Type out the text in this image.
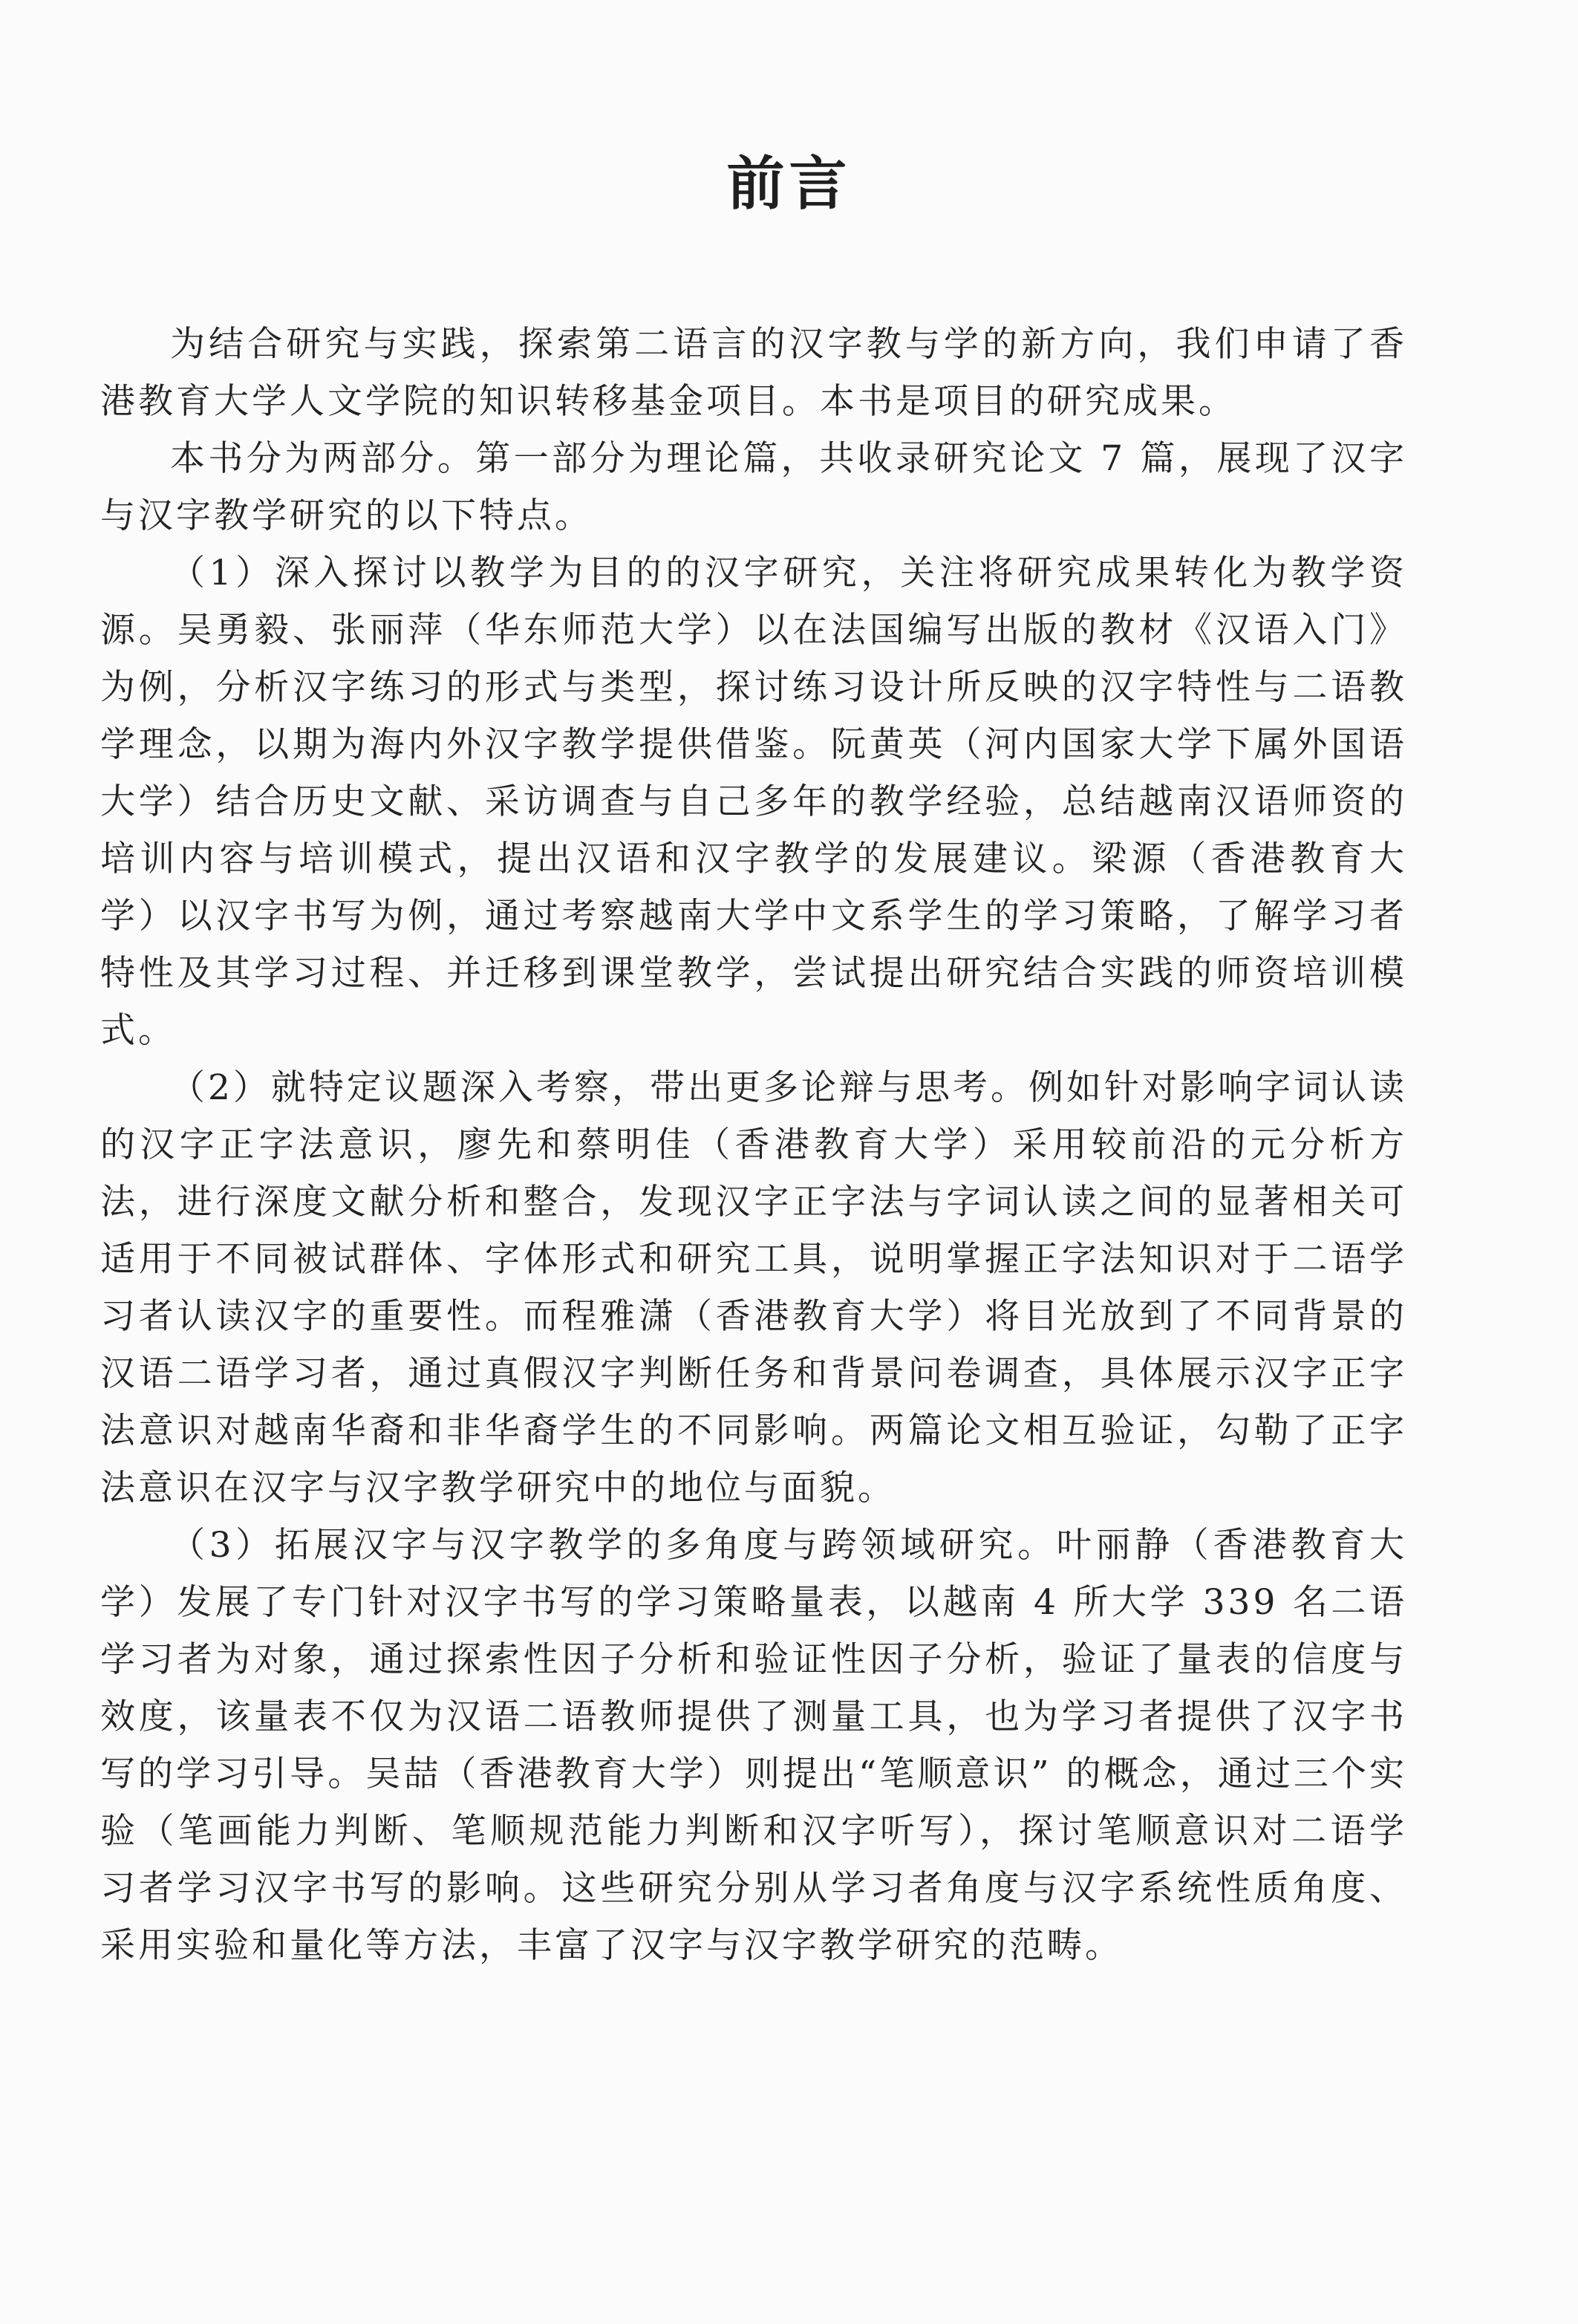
前言

为结合研究与实践，探索第二语言的汉字教与学的新方向，我们申请了香港教育大学人文学院的知识转移基金项目。本书是项目的研究成果。

本书分为两部分。第一部分为理论篇，共收录研究论文 7 篇，展现了汉字与汉字教学研究的以下特点。

（1）深入探讨以教学为目的的汉字研究，关注将研究成果转化为教学资源。吴勇毅、张丽萍（华东师范大学）以在法国编写出版的教材《汉语入门》为例，分析汉字练习的形式与类型，探讨练习设计所反映的汉字特性与二语教学理念，以期为海内外汉字教学提供借鉴。阮黄英（河内国家大学下属外国语大学）结合历史文献、采访调查与自己多年的教学经验，总结越南汉语师资的培训内容与培训模式，提出汉语和汉字教学的发展建议。梁源（香港教育大学）以汉字书写为例，通过考察越南大学中文系学生的学习策略，了解学习者特性及其学习过程、并迁移到课堂教学，尝试提出研究结合实践的师资培训模式。

（2）就特定议题深入考察，带出更多论辩与思考。例如针对影响字词认读的汉字正字法意识，廖先和蔡明佳（香港教育大学）采用较前沿的元分析方法，进行深度文献分析和整合，发现汉字正字法与字词认读之间的显著相关可适用于不同被试群体、字体形式和研究工具，说明掌握正字法知识对于二语学习者认读汉字的重要性。而程雅潇（香港教育大学）将目光放到了不同背景的汉语二语学习者，通过真假汉字判断任务和背景问卷调查，具体展示汉字正字法意识对越南华裔和非华裔学生的不同影响。两篇论文相互验证，勾勒了正字法意识在汉字与汉字教学研究中的地位与面貌。

（3）拓展汉字与汉字教学的多角度与跨领域研究。叶丽静（香港教育大学）发展了专门针对汉字书写的学习策略量表，以越南 4 所大学 339 名二语学习者为对象，通过探索性因子分析和验证性因子分析，验证了量表的信度与效度，该量表不仅为汉语二语教师提供了测量工具，也为学习者提供了汉字书写的学习引导。吴喆（香港教育大学）则提出“笔顺意识” 的概念，通过三个实验（笔画能力判断、笔顺规范能力判断和汉字听写），探讨笔顺意识对二语学习者学习汉字书写的影响。这些研究分别从学习者角度与汉字系统性质角度、采用实验和量化等方法，丰富了汉字与汉字教学研究的范畴。
